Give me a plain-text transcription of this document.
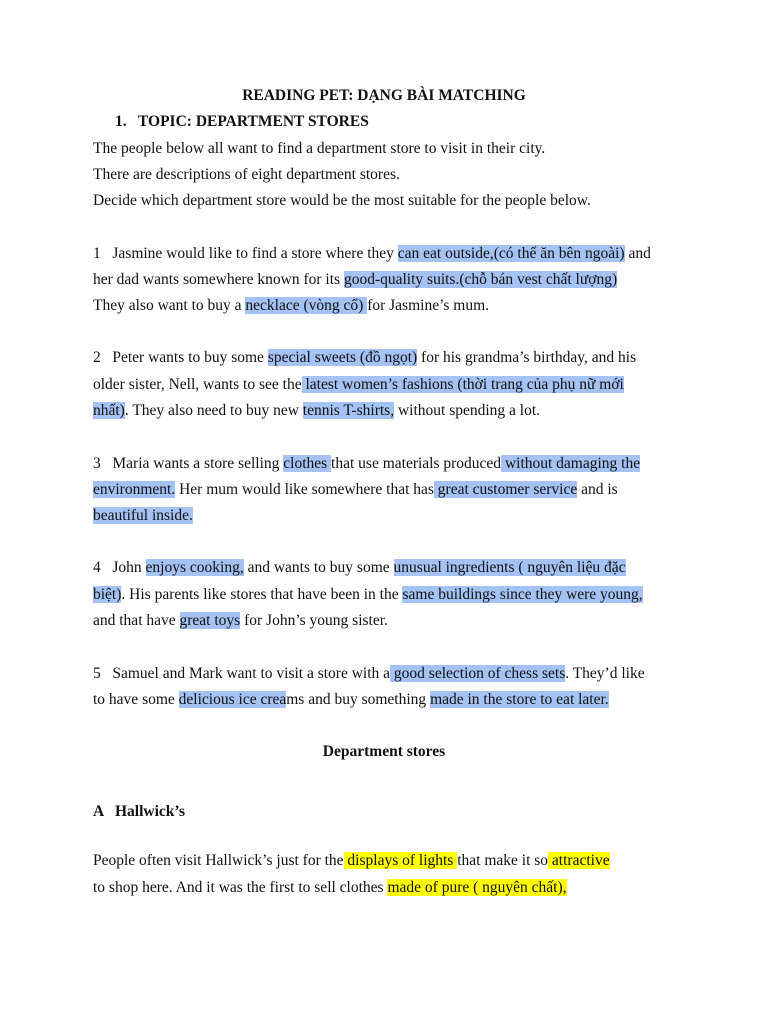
READING PET: DẠNG BÀI MATCHING
1.   TOPIC: DEPARTMENT STORES
The people below all want to find a department store to visit in their city.
There are descriptions of eight department stores.
Decide which department store would be the most suitable for the people below.
1   Jasmine would like to find a store where they can eat outside,(có thể ăn bên ngoài) and
her dad wants somewhere known for its good-quality suits.(chỗ bán vest chất lượng)
They also want to buy a necklace (vòng cổ) for Jasmine’s mum.
2   Peter wants to buy some special sweets (đồ ngọt) for his grandma’s birthday, and his
older sister, Nell, wants to see the latest women’s fashions (thời trang của phụ nữ mới
nhất). They also need to buy new tennis T-shirts, without spending a lot.
3   Maria wants a store selling clothes that use materials produced without damaging the
environment. Her mum would like somewhere that has great customer service and is
beautiful inside.
4   John enjoys cooking, and wants to buy some unusual ingredients ( nguyên liệu đặc
biệt). His parents like stores that have been in the same buildings since they were young,
and that have great toys for John’s young sister.
5   Samuel and Mark want to visit a store with a good selection of chess sets. They’d like
to have some delicious ice creams and buy something made in the store to eat later.
Department stores
A   Hallwick’s
People often visit Hallwick’s just for the displays of lights that make it so attractive
to shop here. And it was the first to sell clothes made of pure ( nguyên chất),
